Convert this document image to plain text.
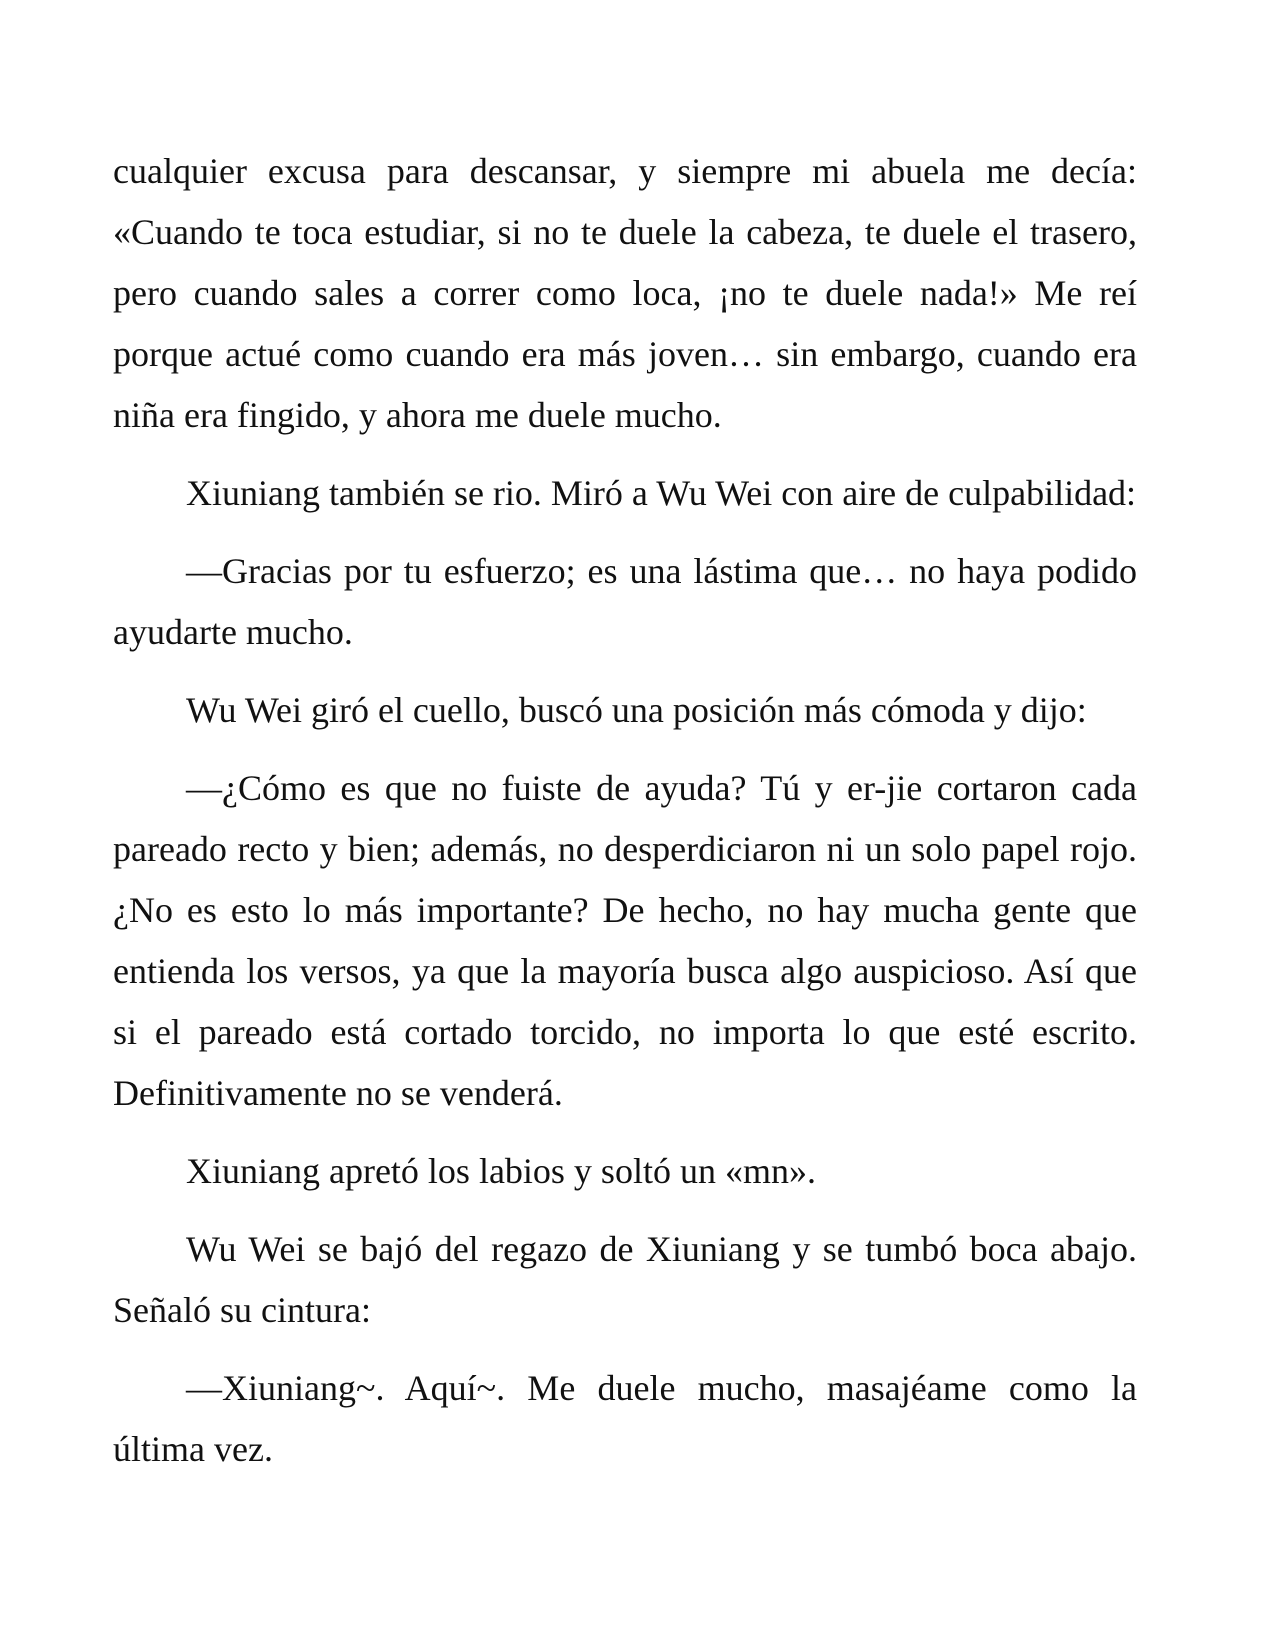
cualquier excusa para descansar, y siempre mi abuela me decía: «Cuando te toca estudiar, si no te duele la cabeza, te duele el trasero, pero cuando sales a correr como loca, ¡no te duele nada!» Me reí porque actué como cuando era más joven… sin embargo, cuando era niña era fingido, y ahora me duele mucho.

Xiuniang también se rio. Miró a Wu Wei con aire de culpabilidad:

—Gracias por tu esfuerzo; es una lástima que… no haya podido ayudarte mucho.

Wu Wei giró el cuello, buscó una posición más cómoda y dijo:

—¿Cómo es que no fuiste de ayuda? Tú y er-jie cortaron cada pareado recto y bien; además, no desperdiciaron ni un solo papel rojo. ¿No es esto lo más importante? De hecho, no hay mucha gente que entienda los versos, ya que la mayoría busca algo auspicioso. Así que si el pareado está cortado torcido, no importa lo que esté escrito. Definitivamente no se venderá.

Xiuniang apretó los labios y soltó un «mn».

Wu Wei se bajó del regazo de Xiuniang y se tumbó boca abajo. Señaló su cintura:

—Xiuniang~. Aquí~. Me duele mucho, masajéame como la última vez.
